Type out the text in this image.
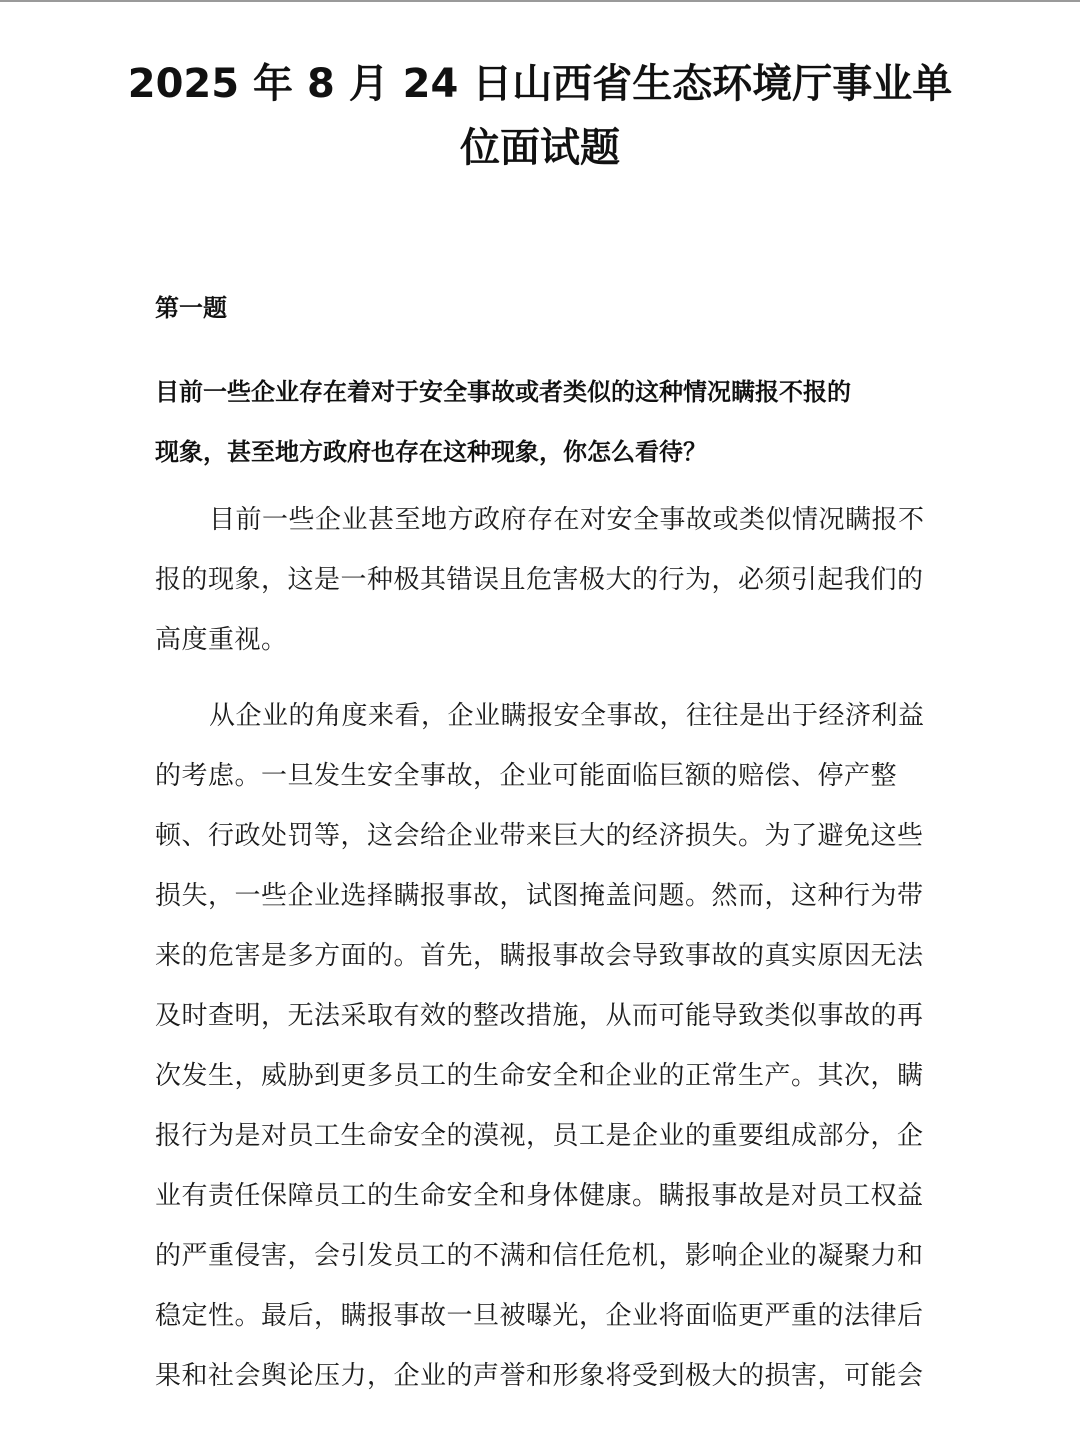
2025 年 8 月 24 日山西省生态环境厅事业单
位面试题
第一题
目前一些企业存在着对于安全事故或者类似的这种情况瞒报不报的
现象，甚至地方政府也存在这种现象，你怎么看待？
目前一些企业甚至地方政府存在对安全事故或类似情况瞒报不
报的现象，这是一种极其错误且危害极大的行为，必须引起我们的
高度重视。
从企业的角度来看，企业瞒报安全事故，往往是出于经济利益
的考虑。一旦发生安全事故，企业可能面临巨额的赔偿、停产整
顿、行政处罚等，这会给企业带来巨大的经济损失。为了避免这些
损失，一些企业选择瞒报事故，试图掩盖问题。然而，这种行为带
来的危害是多方面的。首先，瞒报事故会导致事故的真实原因无法
及时查明，无法采取有效的整改措施，从而可能导致类似事故的再
次发生，威胁到更多员工的生命安全和企业的正常生产。其次，瞒
报行为是对员工生命安全的漠视，员工是企业的重要组成部分，企
业有责任保障员工的生命安全和身体健康。瞒报事故是对员工权益
的严重侵害，会引发员工的不满和信任危机，影响企业的凝聚力和
稳定性。最后，瞒报事故一旦被曝光，企业将面临更严重的法律后
果和社会舆论压力，企业的声誉和形象将受到极大的损害，可能会
